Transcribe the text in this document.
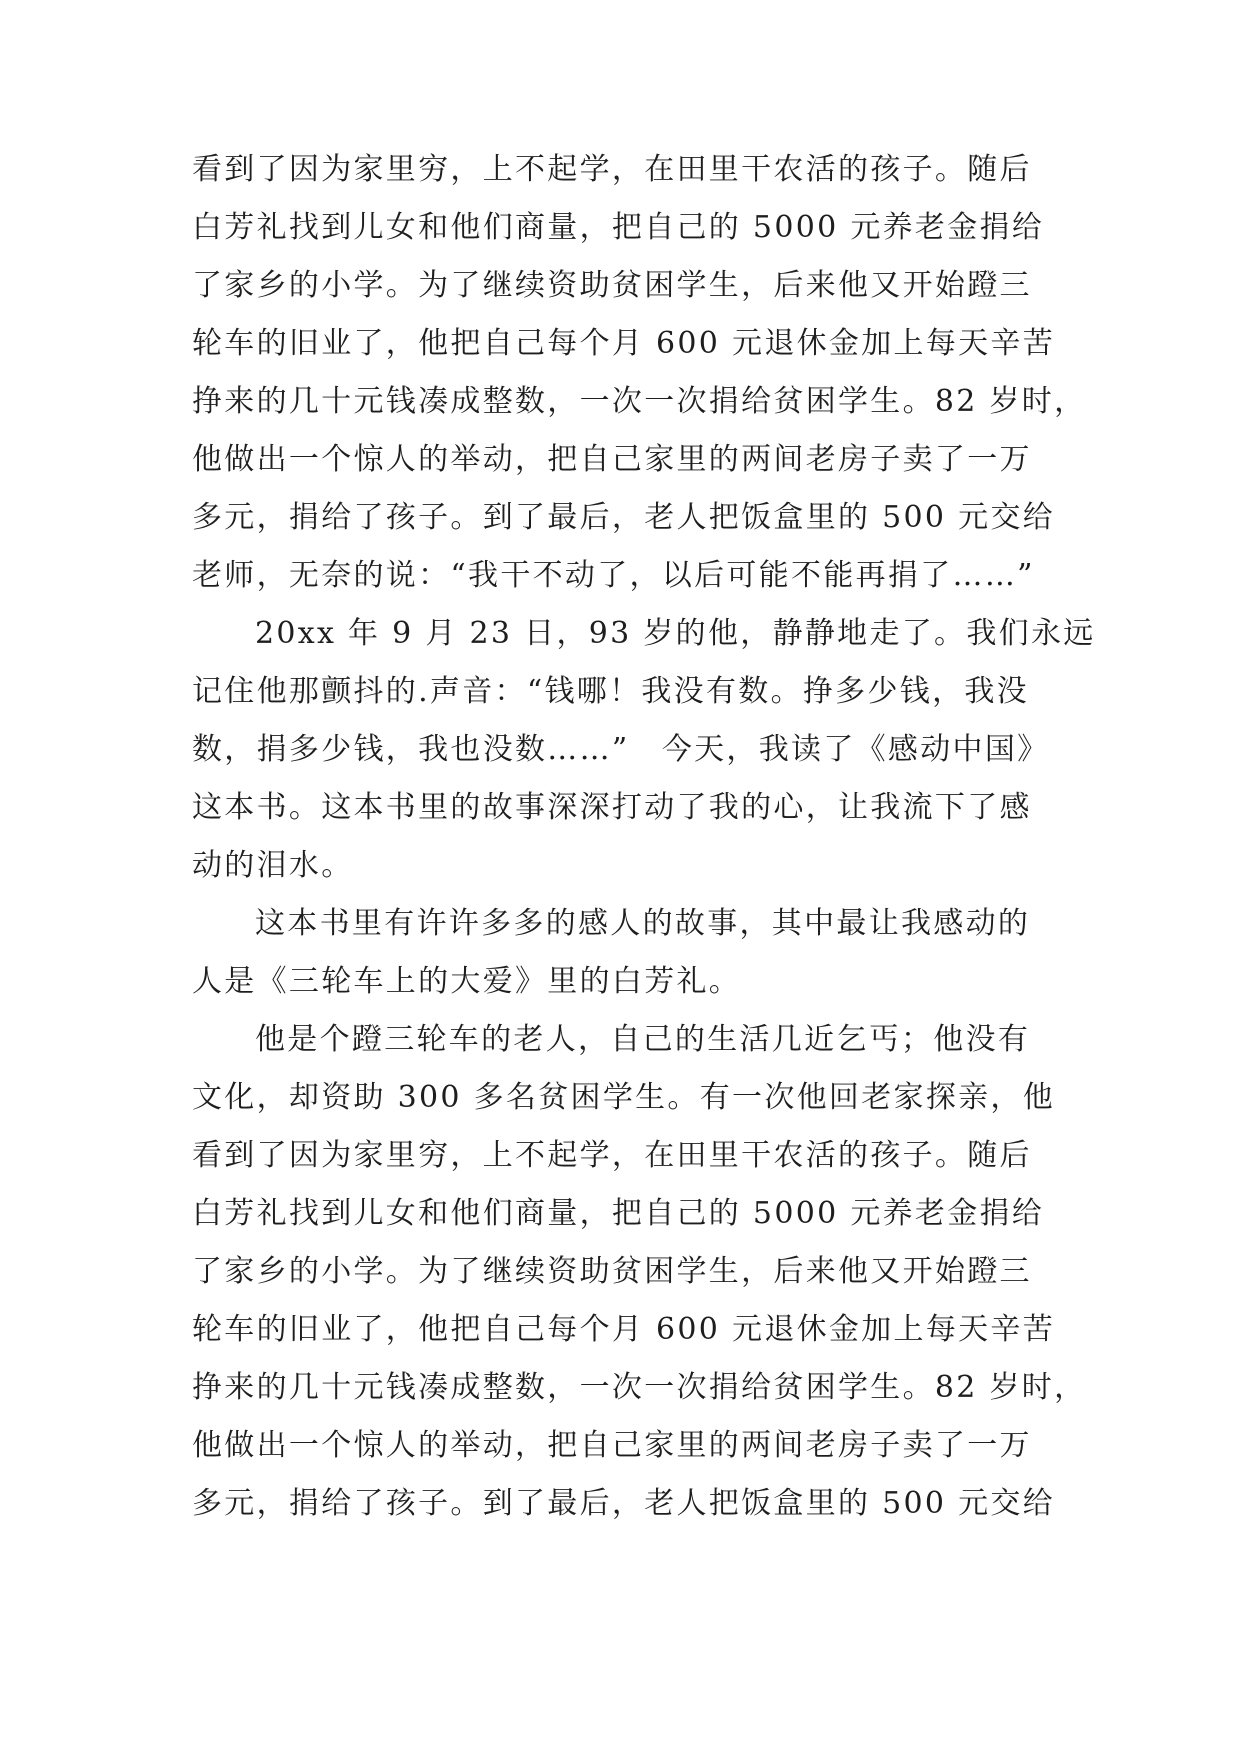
看到了因为家里穷，上不起学，在田里干农活的孩子。随后

白芳礼找到儿女和他们商量，把自己的 5000 元养老金捐给

了家乡的小学。为了继续资助贫困学生，后来他又开始蹬三

轮车的旧业了，他把自己每个月 600 元退休金加上每天辛苦

挣来的几十元钱凑成整数，一次一次捐给贫困学生。82 岁时，

他做出一个惊人的举动，把自己家里的两间老房子卖了一万

多元，捐给了孩子。到了最后，老人把饭盒里的 500 元交给

老师，无奈的说：“我干不动了，以后可能不能再捐了……”

20xx 年 9 月 23 日，93 岁的他，静静地走了。我们永远

记住他那颤抖的.声音：“钱哪！我没有数。挣多少钱，我没

数，捐多少钱，我也没数……”　今天，我读了《感动中国》

这本书。这本书里的故事深深打动了我的心，让我流下了感

动的泪水。

这本书里有许许多多的感人的故事，其中最让我感动的

人是《三轮车上的大爱》里的白芳礼。

他是个蹬三轮车的老人，自己的生活几近乞丐；他没有

文化，却资助 300 多名贫困学生。有一次他回老家探亲，他

看到了因为家里穷，上不起学，在田里干农活的孩子。随后

白芳礼找到儿女和他们商量，把自己的 5000 元养老金捐给

了家乡的小学。为了继续资助贫困学生，后来他又开始蹬三

轮车的旧业了，他把自己每个月 600 元退休金加上每天辛苦

挣来的几十元钱凑成整数，一次一次捐给贫困学生。82 岁时，

他做出一个惊人的举动，把自己家里的两间老房子卖了一万

多元，捐给了孩子。到了最后，老人把饭盒里的 500 元交给
